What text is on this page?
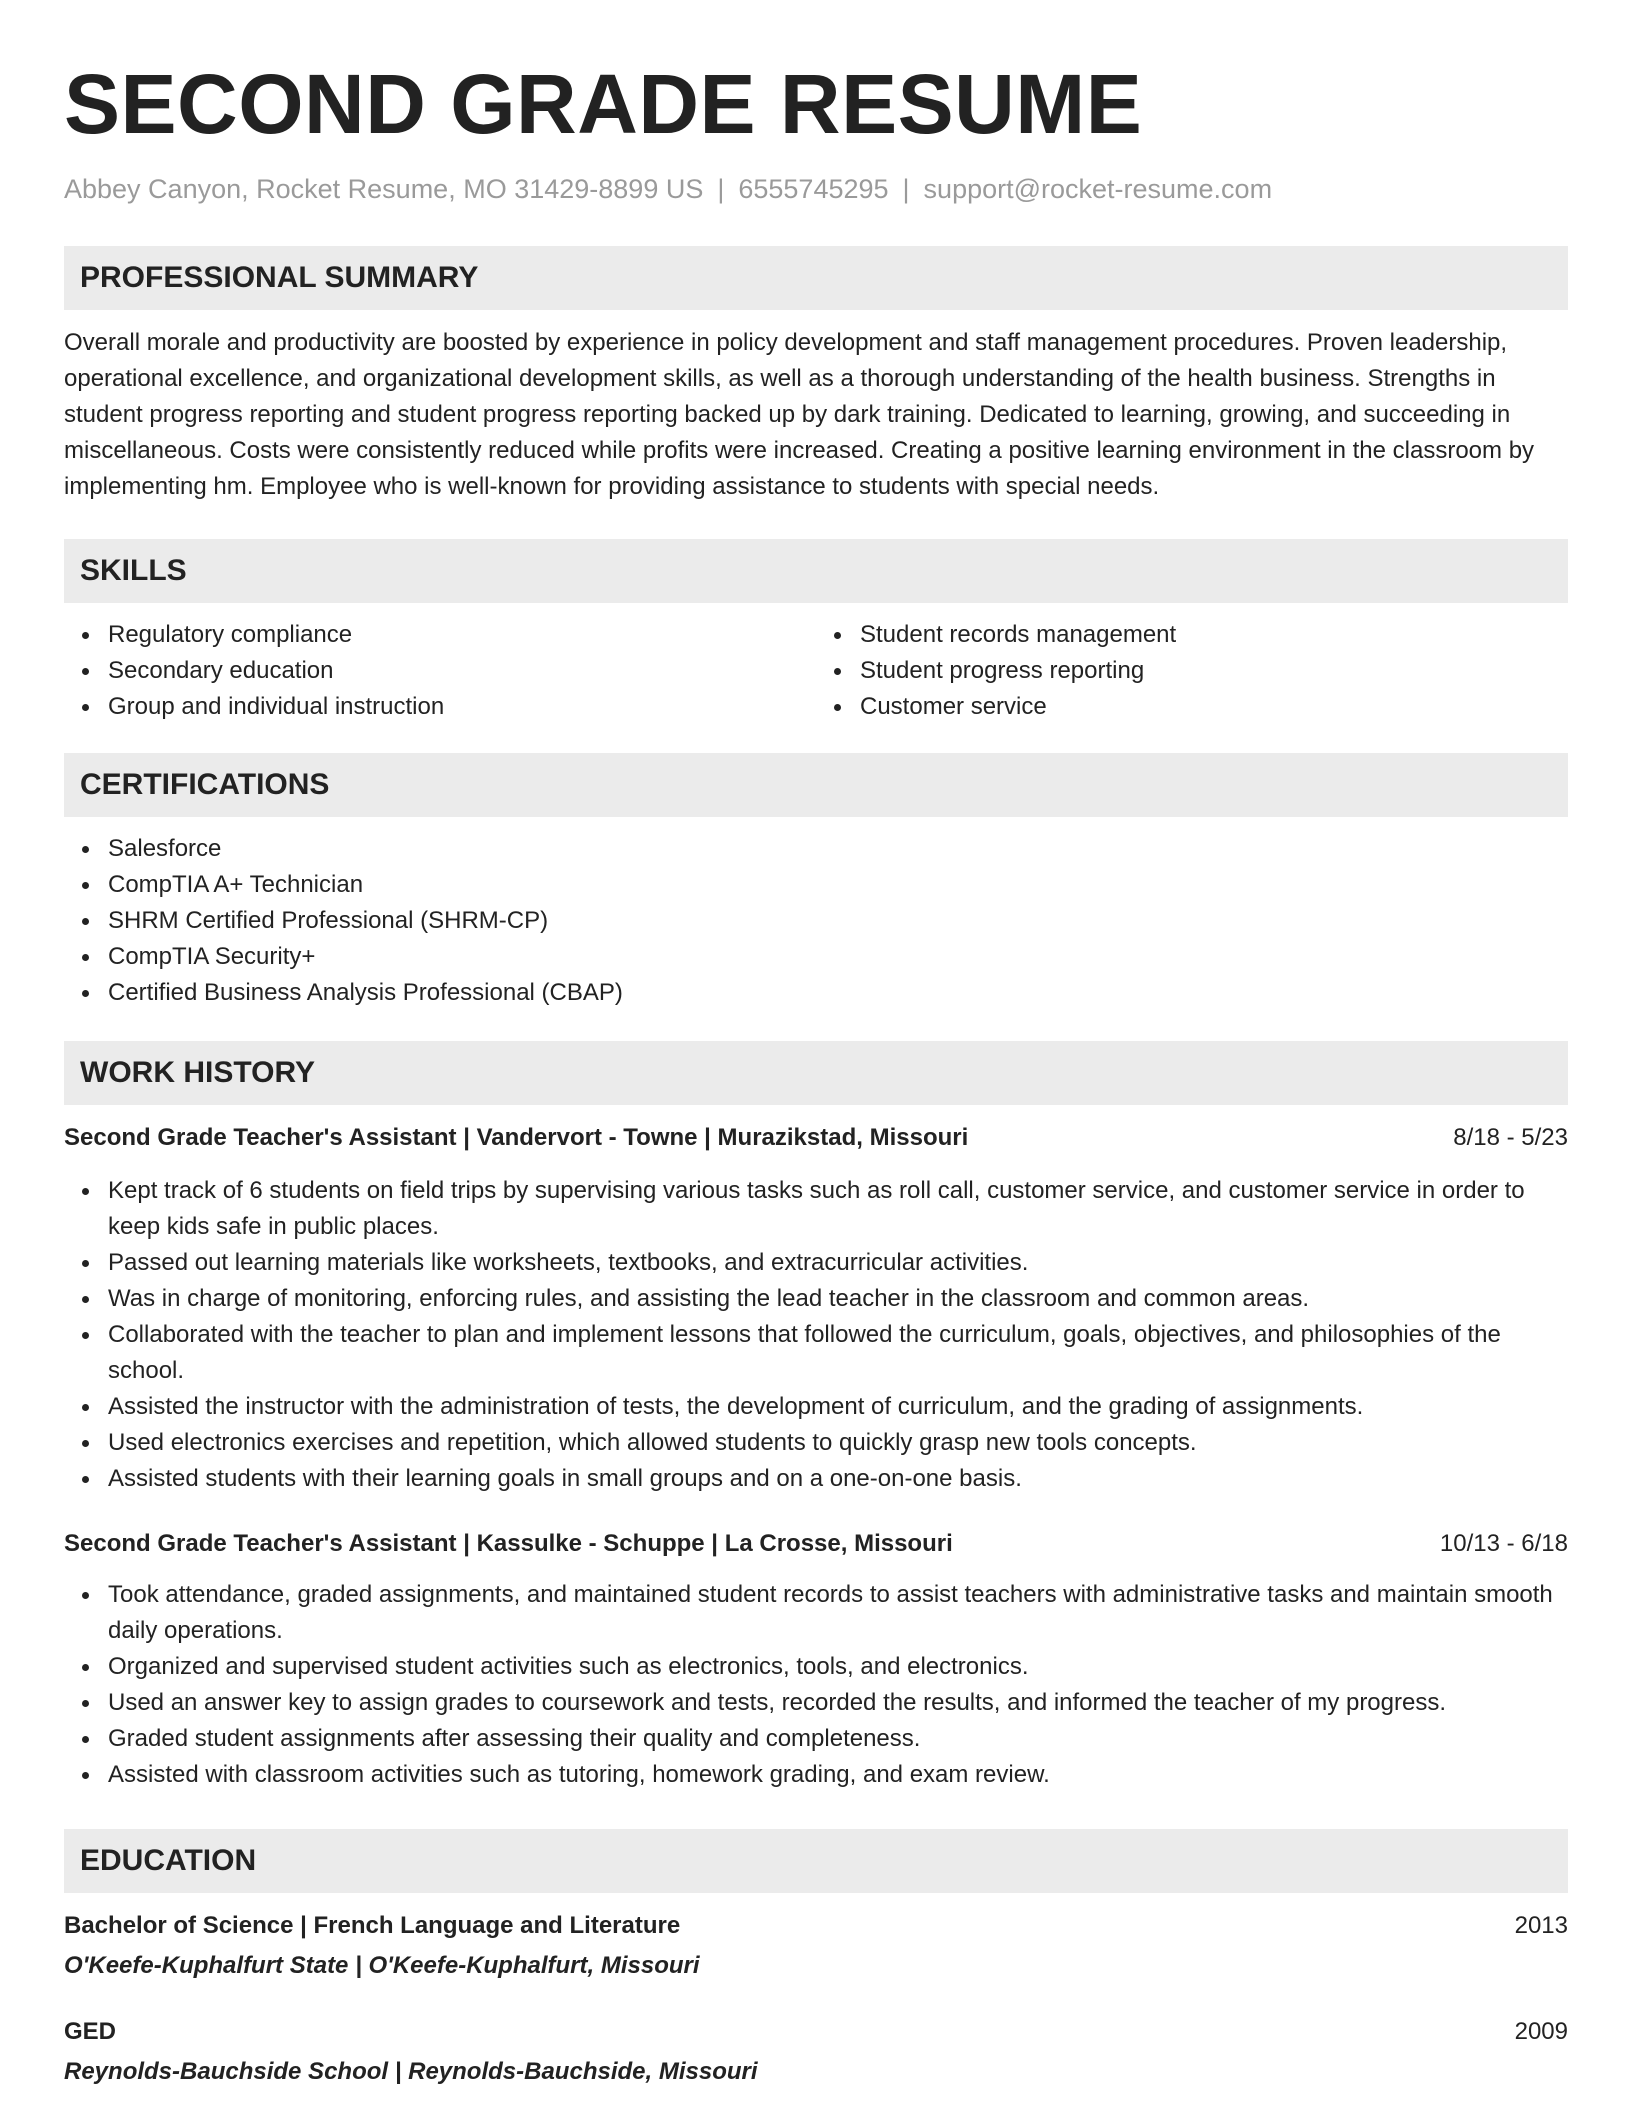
SECOND GRADE RESUME
Abbey Canyon, Rocket Resume, MO 31429-8899 US | 6555745295 | support@rocket-resume.com
PROFESSIONAL SUMMARY
Overall morale and productivity are boosted by experience in policy development and staff management procedures. Proven leadership, operational excellence, and organizational development skills, as well as a thorough understanding of the health business. Strengths in student progress reporting and student progress reporting backed up by dark training. Dedicated to learning, growing, and succeeding in miscellaneous. Costs were consistently reduced while profits were increased. Creating a positive learning environment in the classroom by implementing hm. Employee who is well-known for providing assistance to students with special needs.
SKILLS
Regulatory compliance
Secondary education
Group and individual instruction
Student records management
Student progress reporting
Customer service
CERTIFICATIONS
Salesforce
CompTIA A+ Technician
SHRM Certified Professional (SHRM-CP)
CompTIA Security+
Certified Business Analysis Professional (CBAP)
WORK HISTORY
Second Grade Teacher's Assistant | Vandervort - Towne | Murazikstad, Missouri	8/18 - 5/23
Kept track of 6 students on field trips by supervising various tasks such as roll call, customer service, and customer service in order to keep kids safe in public places.
Passed out learning materials like worksheets, textbooks, and extracurricular activities.
Was in charge of monitoring, enforcing rules, and assisting the lead teacher in the classroom and common areas.
Collaborated with the teacher to plan and implement lessons that followed the curriculum, goals, objectives, and philosophies of the school.
Assisted the instructor with the administration of tests, the development of curriculum, and the grading of assignments.
Used electronics exercises and repetition, which allowed students to quickly grasp new tools concepts.
Assisted students with their learning goals in small groups and on a one-on-one basis.
Second Grade Teacher's Assistant | Kassulke - Schuppe | La Crosse, Missouri	10/13 - 6/18
Took attendance, graded assignments, and maintained student records to assist teachers with administrative tasks and maintain smooth daily operations.
Organized and supervised student activities such as electronics, tools, and electronics.
Used an answer key to assign grades to coursework and tests, recorded the results, and informed the teacher of my progress.
Graded student assignments after assessing their quality and completeness.
Assisted with classroom activities such as tutoring, homework grading, and exam review.
EDUCATION
Bachelor of Science | French Language and Literature	2013
O'Keefe-Kuphalfurt State | O'Keefe-Kuphalfurt, Missouri
GED	2009
Reynolds-Bauchside School | Reynolds-Bauchside, Missouri
